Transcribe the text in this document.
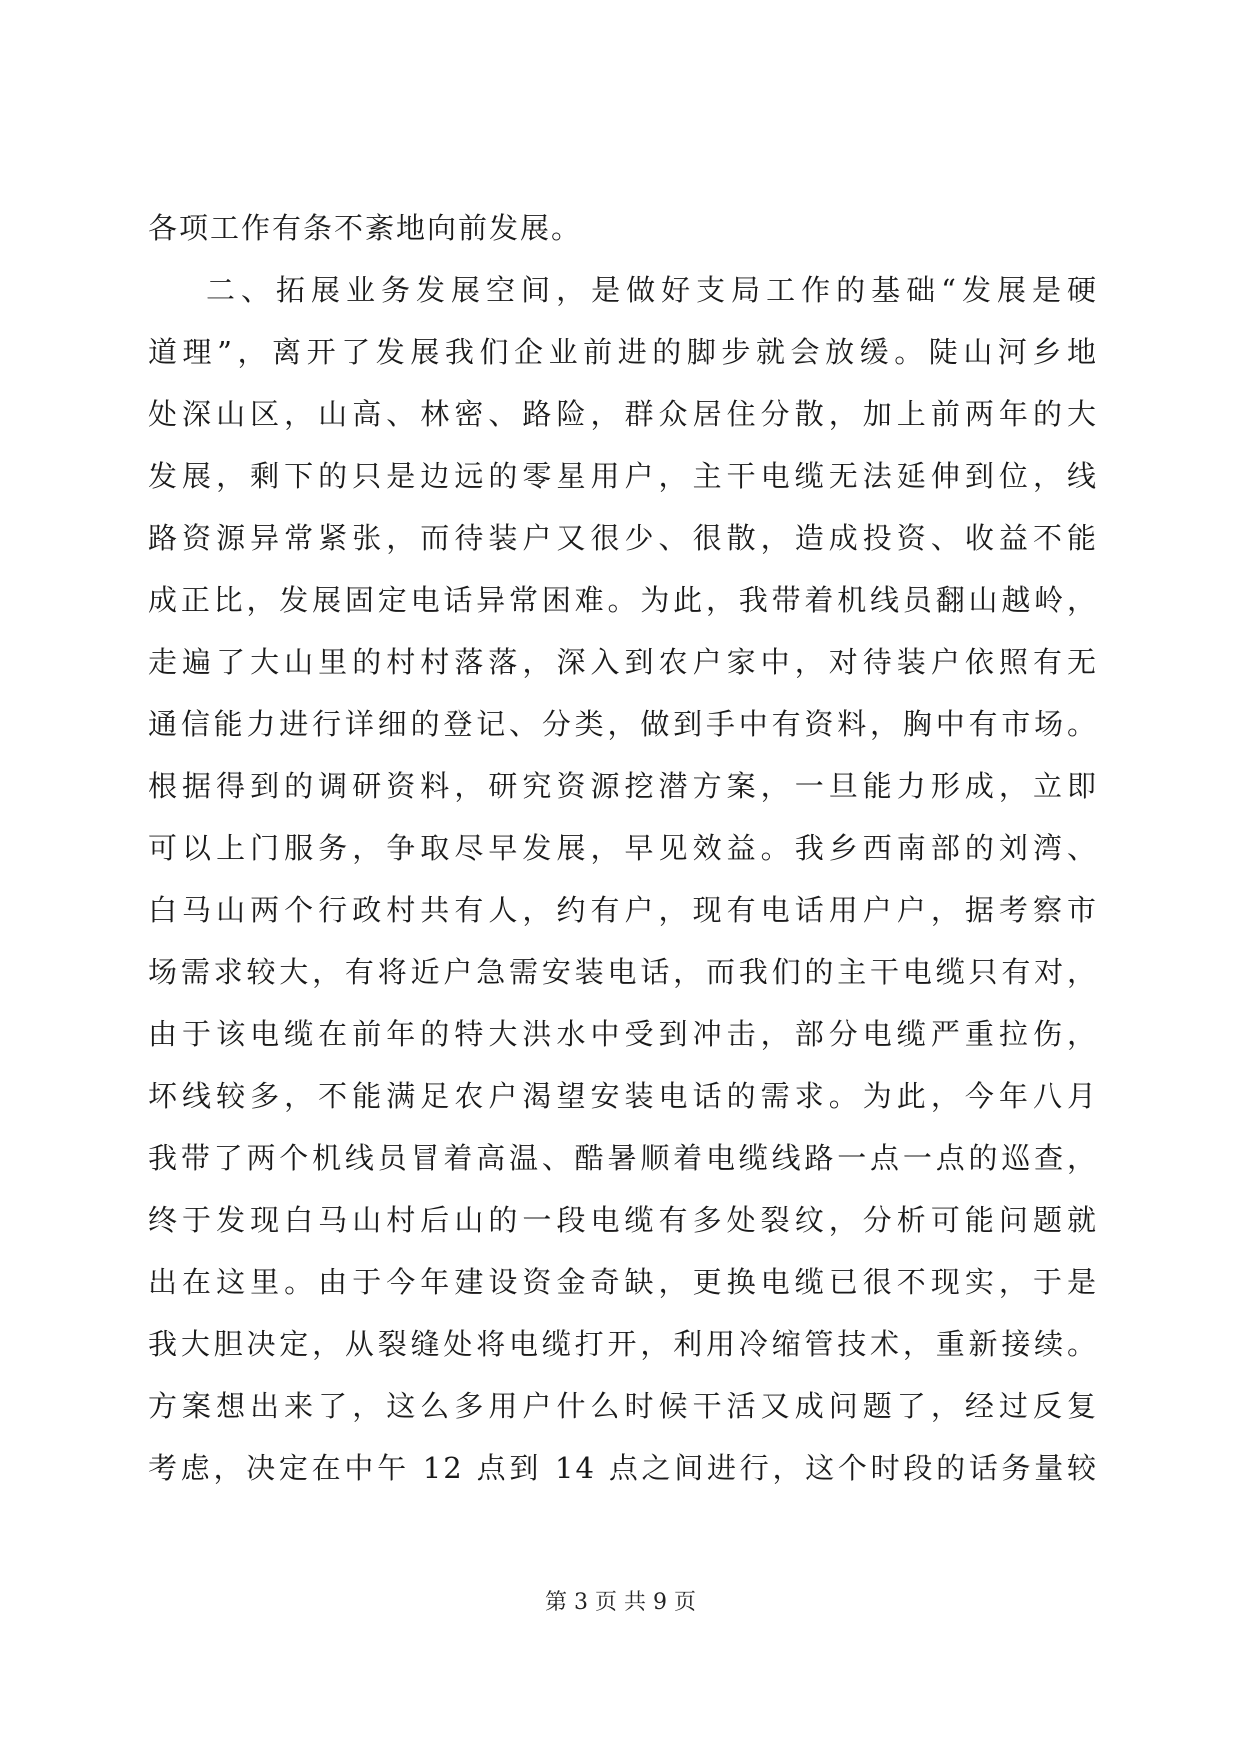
各项工作有条不紊地向前发展。
二、拓展业务发展空间，是做好支局工作的基础“发展是硬
道理”，离开了发展我们企业前进的脚步就会放缓。陡山河乡地
处深山区，山高、林密、路险，群众居住分散，加上前两年的大
发展，剩下的只是边远的零星用户，主干电缆无法延伸到位，线
路资源异常紧张，而待装户又很少、很散，造成投资、收益不能
成正比，发展固定电话异常困难。为此，我带着机线员翻山越岭，
走遍了大山里的村村落落，深入到农户家中，对待装户依照有无
通信能力进行详细的登记、分类，做到手中有资料，胸中有市场。
根据得到的调研资料，研究资源挖潜方案，一旦能力形成，立即
可以上门服务，争取尽早发展，早见效益。我乡西南部的刘湾、
白马山两个行政村共有人，约有户，现有电话用户户，据考察市
场需求较大，有将近户急需安装电话，而我们的主干电缆只有对，
由于该电缆在前年的特大洪水中受到冲击，部分电缆严重拉伤，
坏线较多，不能满足农户渴望安装电话的需求。为此，今年八月
我带了两个机线员冒着高温、酷暑顺着电缆线路一点一点的巡查，
终于发现白马山村后山的一段电缆有多处裂纹，分析可能问题就
出在这里。由于今年建设资金奇缺，更换电缆已很不现实，于是
我大胆决定，从裂缝处将电缆打开，利用冷缩管技术，重新接续。
方案想出来了，这么多用户什么时候干活又成问题了，经过反复
考虑，决定在中午 12 点到 14 点之间进行，这个时段的话务量较
第 3 页 共 9 页
